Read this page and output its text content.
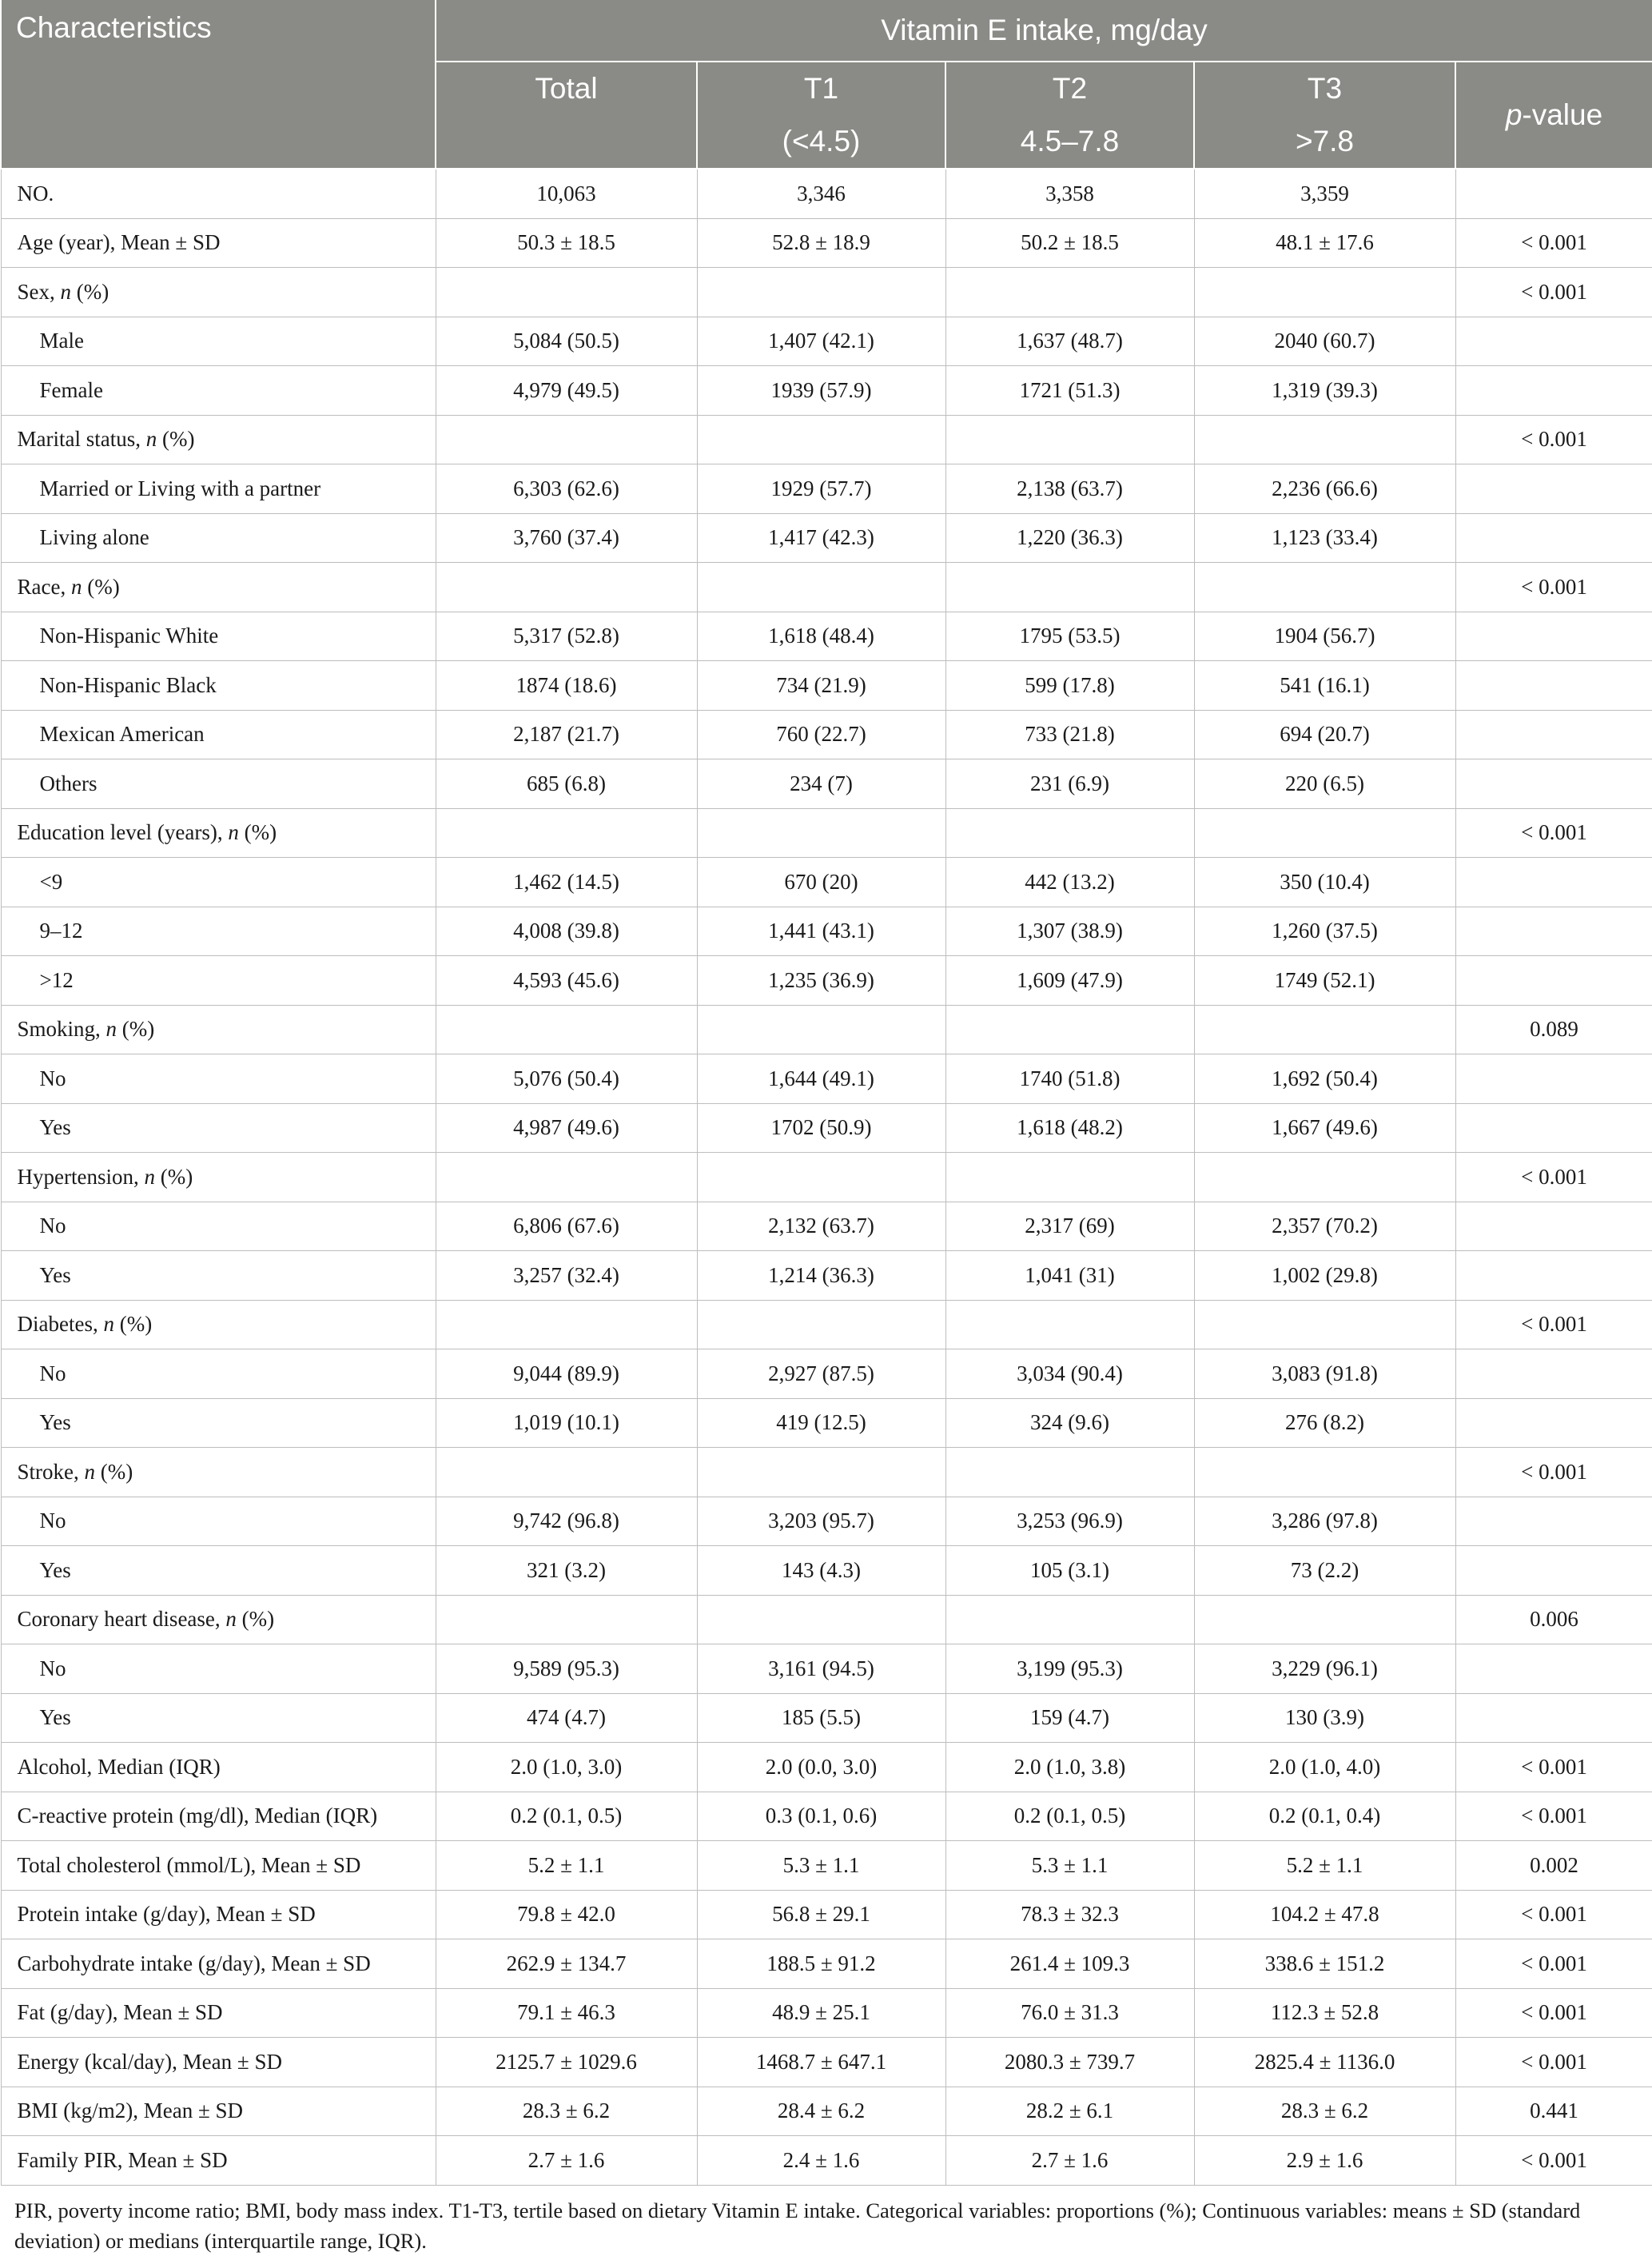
Characteristics	Vitamin E intake, mg/day				
	Total	T1	T2	T3	p-value
		(<4.5)	4.5–7.8	>7.8	
NO.	10,063	3,346	3,358	3,359	
Age (year), Mean ± SD	50.3 ± 18.5	52.8 ± 18.9	50.2 ± 18.5	48.1 ± 17.6	< 0.001
Sex, n (%)					< 0.001
Male	5,084 (50.5)	1,407 (42.1)	1,637 (48.7)	2040 (60.7)	
Female	4,979 (49.5)	1939 (57.9)	1721 (51.3)	1,319 (39.3)	
Marital status, n (%)					< 0.001
Married or Living with a partner	6,303 (62.6)	1929 (57.7)	2,138 (63.7)	2,236 (66.6)	
Living alone	3,760 (37.4)	1,417 (42.3)	1,220 (36.3)	1,123 (33.4)	
Race, n (%)					< 0.001
Non-Hispanic White	5,317 (52.8)	1,618 (48.4)	1795 (53.5)	1904 (56.7)	
Non-Hispanic Black	1874 (18.6)	734 (21.9)	599 (17.8)	541 (16.1)	
Mexican American	2,187 (21.7)	760 (22.7)	733 (21.8)	694 (20.7)	
Others	685 (6.8)	234 (7)	231 (6.9)	220 (6.5)	
Education level (years), n (%)					< 0.001
<9	1,462 (14.5)	670 (20)	442 (13.2)	350 (10.4)	
9–12	4,008 (39.8)	1,441 (43.1)	1,307 (38.9)	1,260 (37.5)	
>12	4,593 (45.6)	1,235 (36.9)	1,609 (47.9)	1749 (52.1)	
Smoking, n (%)					0.089
No	5,076 (50.4)	1,644 (49.1)	1740 (51.8)	1,692 (50.4)	
Yes	4,987 (49.6)	1702 (50.9)	1,618 (48.2)	1,667 (49.6)	
Hypertension, n (%)					< 0.001
No	6,806 (67.6)	2,132 (63.7)	2,317 (69)	2,357 (70.2)	
Yes	3,257 (32.4)	1,214 (36.3)	1,041 (31)	1,002 (29.8)	
Diabetes, n (%)					< 0.001
No	9,044 (89.9)	2,927 (87.5)	3,034 (90.4)	3,083 (91.8)	
Yes	1,019 (10.1)	419 (12.5)	324 (9.6)	276 (8.2)	
Stroke, n (%)					< 0.001
No	9,742 (96.8)	3,203 (95.7)	3,253 (96.9)	3,286 (97.8)	
Yes	321 (3.2)	143 (4.3)	105 (3.1)	73 (2.2)	
Coronary heart disease, n (%)					0.006
No	9,589 (95.3)	3,161 (94.5)	3,199 (95.3)	3,229 (96.1)	
Yes	474 (4.7)	185 (5.5)	159 (4.7)	130 (3.9)	
Alcohol, Median (IQR)	2.0 (1.0, 3.0)	2.0 (0.0, 3.0)	2.0 (1.0, 3.8)	2.0 (1.0, 4.0)	< 0.001
C-reactive protein (mg/dl), Median (IQR)	0.2 (0.1, 0.5)	0.3 (0.1, 0.6)	0.2 (0.1, 0.5)	0.2 (0.1, 0.4)	< 0.001
Total cholesterol (mmol/L), Mean ± SD	5.2 ± 1.1	5.3 ± 1.1	5.3 ± 1.1	5.2 ± 1.1	0.002
Protein intake (g/day), Mean ± SD	79.8 ± 42.0	56.8 ± 29.1	78.3 ± 32.3	104.2 ± 47.8	< 0.001
Carbohydrate intake (g/day), Mean ± SD	262.9 ± 134.7	188.5 ± 91.2	261.4 ± 109.3	338.6 ± 151.2	< 0.001
Fat (g/day), Mean ± SD	79.1 ± 46.3	48.9 ± 25.1	76.0 ± 31.3	112.3 ± 52.8	< 0.001
Energy (kcal/day), Mean ± SD	2125.7 ± 1029.6	1468.7 ± 647.1	2080.3 ± 739.7	2825.4 ± 1136.0	< 0.001
BMI (kg/m2), Mean ± SD	28.3 ± 6.2	28.4 ± 6.2	28.2 ± 6.1	28.3 ± 6.2	0.441
Family PIR, Mean ± SD	2.7 ± 1.6	2.4 ± 1.6	2.7 ± 1.6	2.9 ± 1.6	< 0.001
PIR, poverty income ratio; BMI, body mass index. T1-T3, tertile based on dietary Vitamin E intake. Categorical variables: proportions (%); Continuous variables: means ± SD (standard deviation) or medians (interquartile range, IQR).
